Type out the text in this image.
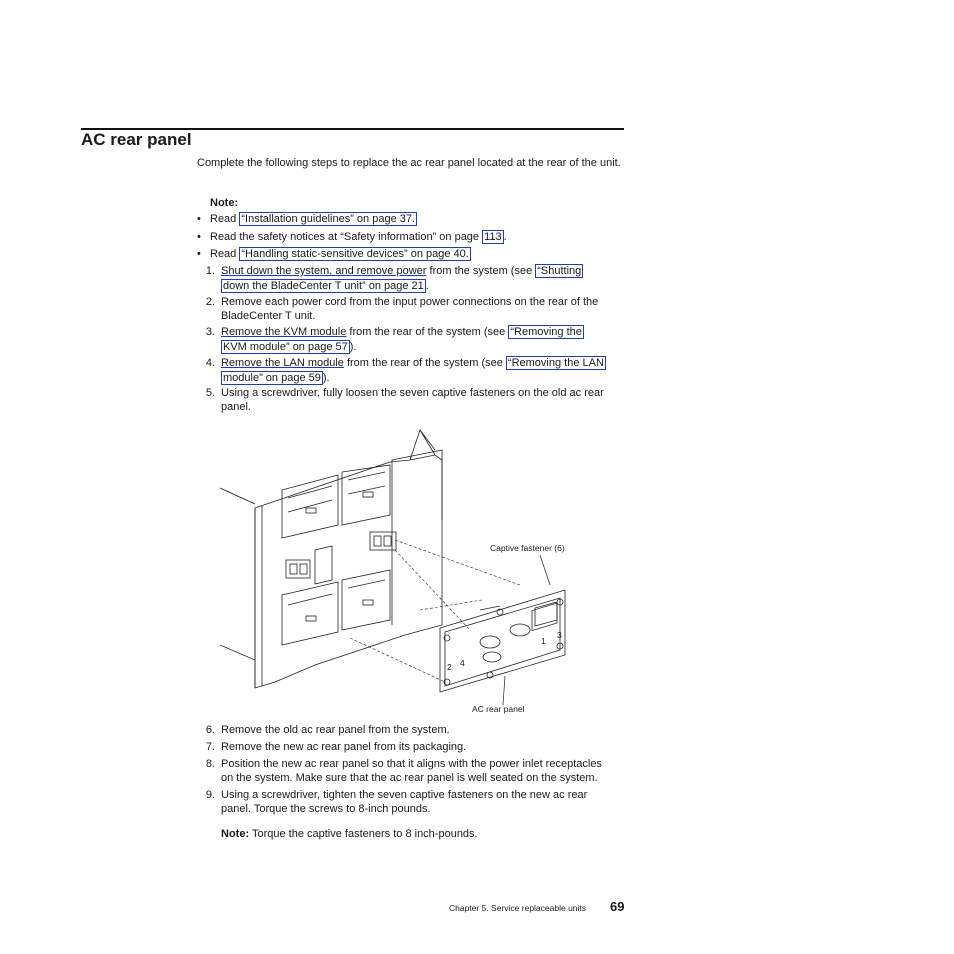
AC rear panel
Complete the following steps to replace the ac rear panel located at the rear of the unit.
Note:
• Read “Installation guidelines” on page 37.
• Read the safety notices at “Safety information” on page 113 .
• Read “Handling static-sensitive devices” on page 40.
1. Shut down the system, and remove power from the system (see “Shutting
down the BladeCenter T unit” on page 21 .
2. Remove each power cord from the input power connections on the rear of the
BladeCenter T unit.
3. Remove the KVM module from the rear of the system (see “Removing the
KVM module” on page 57 ).
4. Remove the LAN module from the rear of the system (see “Removing the LAN
module” on page 59 ).
5. Using a screwdriver, fully loosen the seven captive fasteners on the old ac rear
panel.
Captive fastener (6)
AC rear panel
1
2
3
4
6. Remove the old ac rear panel from the system.
7. Remove the new ac rear panel from its packaging.
8. Position the new ac rear panel so that it aligns with the power inlet receptacles
on the system. Make sure that the ac rear panel is well seated on the system.
9. Using a screwdriver, tighten the seven captive fasteners on the new ac rear
panel. Torque the screws to 8-inch pounds.
Note: Torque the captive fasteners to 8 inch-pounds.
Chapter 5. Service replaceable units 69
